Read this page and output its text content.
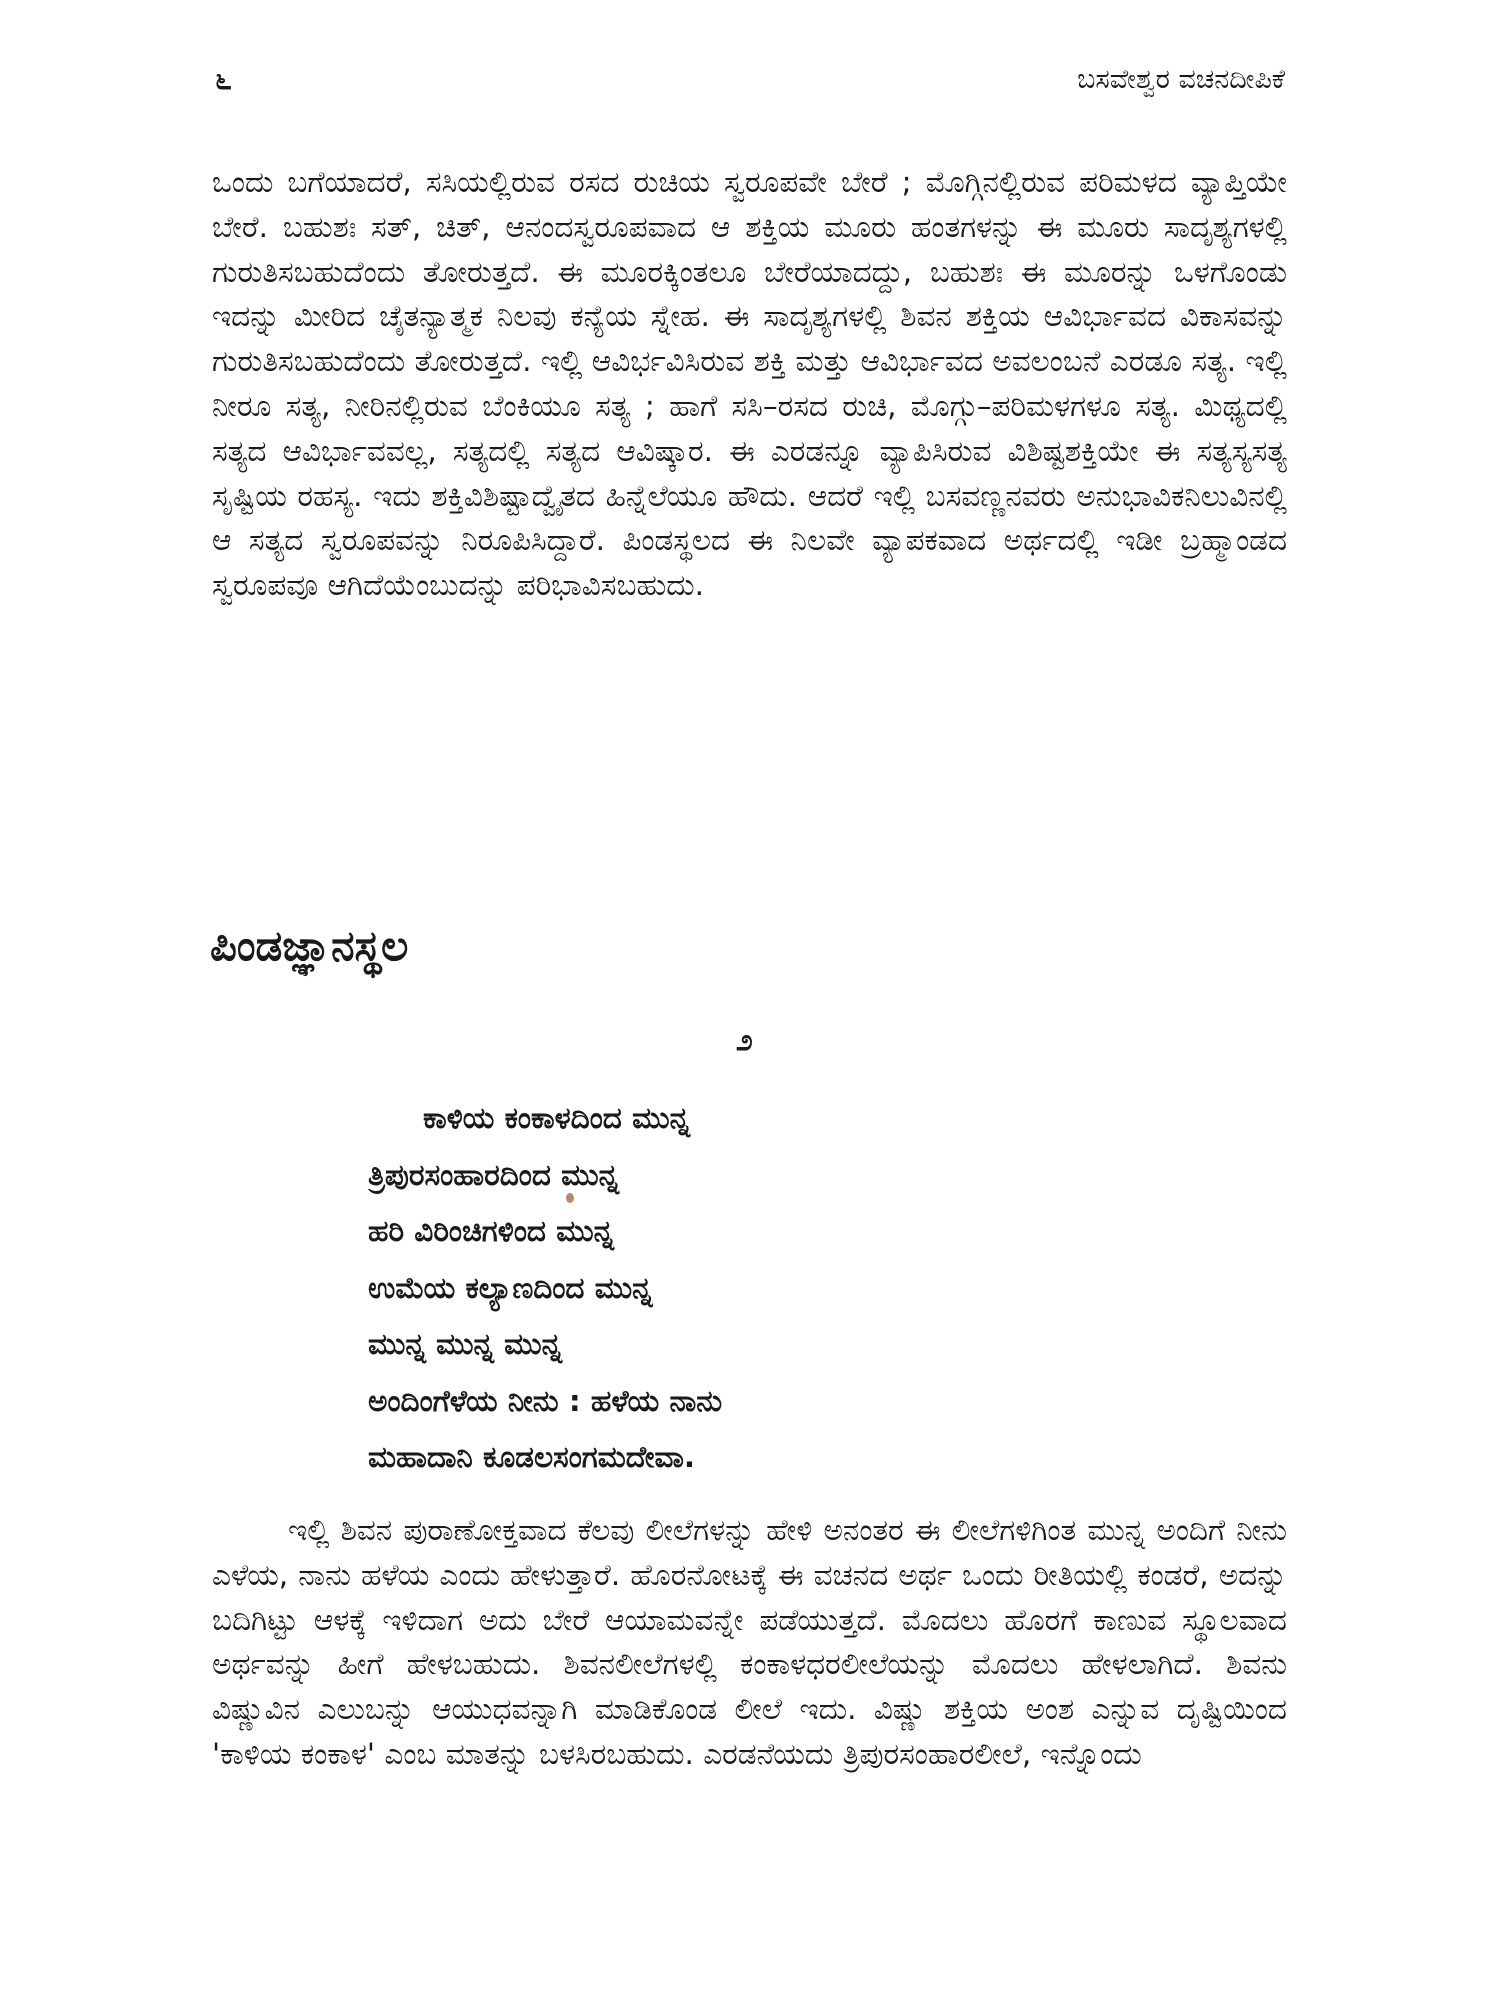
೬	ಬಸವೇಶ್ವರ ವಚನದೀಪಿಕೆ

ಒಂದು ಬಗೆಯಾದರೆ, ಸಸಿಯಲ್ಲಿರುವ ರಸದ ರುಚಿಯ ಸ್ವರೂಪವೇ ಬೇರೆ ; ಮೊಗ್ಗಿನಲ್ಲಿರುವ ಪರಿಮಳದ ವ್ಯಾಪ್ತಿಯೇ ಬೇರೆ. ಬಹುಶಃ ಸತ್, ಚಿತ್, ಆನಂದಸ್ವರೂಪವಾದ ಆ ಶಕ್ತಿಯ ಮೂರು ಹಂತಗಳನ್ನು ಈ ಮೂರು ಸಾದೃಶ್ಯಗಳಲ್ಲಿ ಗುರುತಿಸಬಹುದೆಂದು ತೋರುತ್ತದೆ. ಈ ಮೂರಕ್ಕಿಂತಲೂ ಬೇರೆಯಾದದ್ದು, ಬಹುಶಃ ಈ ಮೂರನ್ನು ಒಳಗೊಂಡು ಇದನ್ನು ಮೀರಿದ ಚೈತನ್ಯಾತ್ಮಕ ನಿಲವು ಕನ್ಯೆಯ ಸ್ನೇಹ. ಈ ಸಾದೃಶ್ಯಗಳಲ್ಲಿ ಶಿವನ ಶಕ್ತಿಯ ಆವಿರ್ಭಾವದ ವಿಕಾಸವನ್ನು ಗುರುತಿಸಬಹುದೆಂದು ತೋರುತ್ತದೆ. ಇಲ್ಲಿ ಆವಿರ್ಭವಿಸಿರುವ ಶಕ್ತಿ ಮತ್ತು ಆವಿರ್ಭಾವದ ಅವಲಂಬನೆ ಎರಡೂ ಸತ್ಯ. ಇಲ್ಲಿ ನೀರೂ ಸತ್ಯ, ನೀರಿನಲ್ಲಿರುವ ಬೆಂಕಿಯೂ ಸತ್ಯ ; ಹಾಗೆ ಸಸಿ–ರಸದ ರುಚಿ, ಮೊಗ್ಗು–ಪರಿಮಳಗಳೂ ಸತ್ಯ. ಮಿಥ್ಯದಲ್ಲಿ ಸತ್ಯದ ಆವಿರ್ಭಾವವಲ್ಲ, ಸತ್ಯದಲ್ಲಿ ಸತ್ಯದ ಆವಿಷ್ಕಾರ. ಈ ಎರಡನ್ನೂ ವ್ಯಾಪಿಸಿರುವ ವಿಶಿಷ್ಟಶಕ್ತಿಯೇ ಈ ಸತ್ಯಸ್ಯಸತ್ಯ ಸೃಷ್ಟಿಯ ರಹಸ್ಯ. ಇದು ಶಕ್ತಿವಿಶಿಷ್ಟಾದ್ವೈತದ ಹಿನ್ನೆಲೆಯೂ ಹೌದು. ಆದರೆ ಇಲ್ಲಿ ಬಸವಣ್ಣನವರು ಅನುಭಾವಿಕನಿಲುವಿನಲ್ಲಿ ಆ ಸತ್ಯದ ಸ್ವರೂಪವನ್ನು ನಿರೂಪಿಸಿದ್ದಾರೆ. ಪಿಂಡಸ್ಥಲದ ಈ ನಿಲವೇ ವ್ಯಾಪಕವಾದ ಅರ್ಥದಲ್ಲಿ ಇಡೀ ಬ್ರಹ್ಮಾಂಡದ ಸ್ವರೂಪವೂ ಆಗಿದೆಯೆಂಬುದನ್ನು ಪರಿಭಾವಿಸಬಹುದು.

ಪಿಂಡಜ್ಞಾನಸ್ಥಲ
೨
ಕಾಳಿಯ ಕಂಕಾಳದಿಂದ ಮುನ್ನ
ತ್ರಿಪುರಸಂಹಾರದಿಂದ ಮುನ್ನ
ಹರಿ ವಿರಿಂಚಿಗಳಿಂದ ಮುನ್ನ
ಉಮೆಯ ಕಲ್ಯಾಣದಿಂದ ಮುನ್ನ
ಮುನ್ನ ಮುನ್ನ ಮುನ್ನ
ಅಂದಿಂಗೆಳೆಯ ನೀನು : ಹಳೆಯ ನಾನು
ಮಹಾದಾನಿ ಕೂಡಲಸಂಗಮದೇವಾ.

ಇಲ್ಲಿ ಶಿವನ ಪುರಾಣೋಕ್ತವಾದ ಕೆಲವು ಲೀಲೆಗಳನ್ನು ಹೇಳಿ ಅನಂತರ ಈ ಲೀಲೆಗಳಿಗಿಂತ ಮುನ್ನ ಅಂದಿಗೆ ನೀನು ಎಳೆಯ, ನಾನು ಹಳೆಯ ಎಂದು ಹೇಳುತ್ತಾರೆ. ಹೊರನೋಟಕ್ಕೆ ಈ ವಚನದ ಅರ್ಥ ಒಂದು ರೀತಿಯಲ್ಲಿ ಕಂಡರೆ, ಅದನ್ನು ಬದಿಗಿಟ್ಟು ಆಳಕ್ಕೆ ಇಳಿದಾಗ ಅದು ಬೇರೆ ಆಯಾಮವನ್ನೇ ಪಡೆಯುತ್ತದೆ. ಮೊದಲು ಹೊರಗೆ ಕಾಣುವ ಸ್ಥೂಲವಾದ ಅರ್ಥವನ್ನು ಹೀಗೆ ಹೇಳಬಹುದು. ಶಿವನಲೀಲೆಗಳಲ್ಲಿ ಕಂಕಾಳಧರಲೀಲೆಯನ್ನು ಮೊದಲು ಹೇಳಲಾಗಿದೆ. ಶಿವನು ವಿಷ್ಣುವಿನ ಎಲುಬನ್ನು ಆಯುಧವನ್ನಾಗಿ ಮಾಡಿಕೊಂಡ ಲೀಲೆ ಇದು. ವಿಷ್ಣು ಶಕ್ತಿಯ ಅಂಶ ಎನ್ನುವ ದೃಷ್ಟಿಯಿಂದ 'ಕಾಳಿಯ ಕಂಕಾಳ' ಎಂಬ ಮಾತನ್ನು ಬಳಸಿರಬಹುದು. ಎರಡನೆಯದು ತ್ರಿಪುರಸಂಹಾರಲೀಲೆ, ಇನ್ನೊಂದು
